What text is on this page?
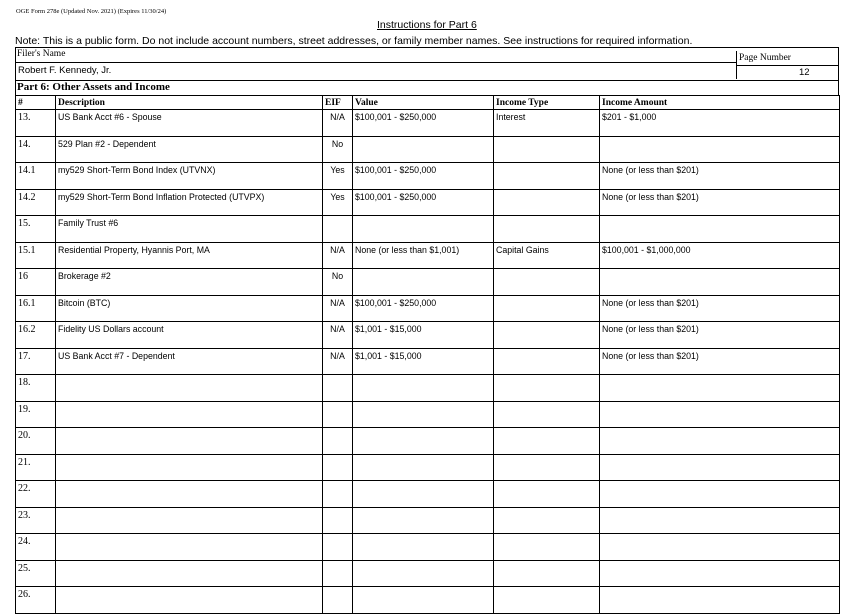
OGE Form 278e (Updated Nov. 2021) (Expires 11/30/24)
Instructions for Part 6
Note: This is a public form. Do not include account numbers, street addresses, or family member names. See instructions for required information.
Filer's Name
Robert F. Kennedy, Jr.
Page Number
12
Part 6: Other Assets and Income
#	Description	EIF	Value	Income Type	Income Amount
13.	US Bank Acct #6 - Spouse	N/A	$100,001 - $250,000	Interest	$201 - $1,000
14.	529 Plan #2 - Dependent	No			
14.1	my529 Short-Term Bond Index (UTVNX)	Yes	$100,001 - $250,000		None (or less than $201)
14.2	my529 Short-Term Bond Inflation Protected (UTVPX)	Yes	$100,001 - $250,000		None (or less than $201)
15.	Family Trust #6				
15.1	Residential Property, Hyannis Port, MA	N/A	None (or less than $1,001)	Capital Gains	$100,001 - $1,000,000
16	Brokerage #2	No			
16.1	Bitcoin (BTC)	N/A	$100,001 - $250,000		None (or less than $201)
16.2	Fidelity US Dollars account	N/A	$1,001 - $15,000		None (or less than $201)
17.	US Bank Acct #7 - Dependent	N/A	$1,001 - $15,000		None (or less than $201)
18.					
19.					
20.					
21.					
22.					
23.					
24.					
25.					
26.					
